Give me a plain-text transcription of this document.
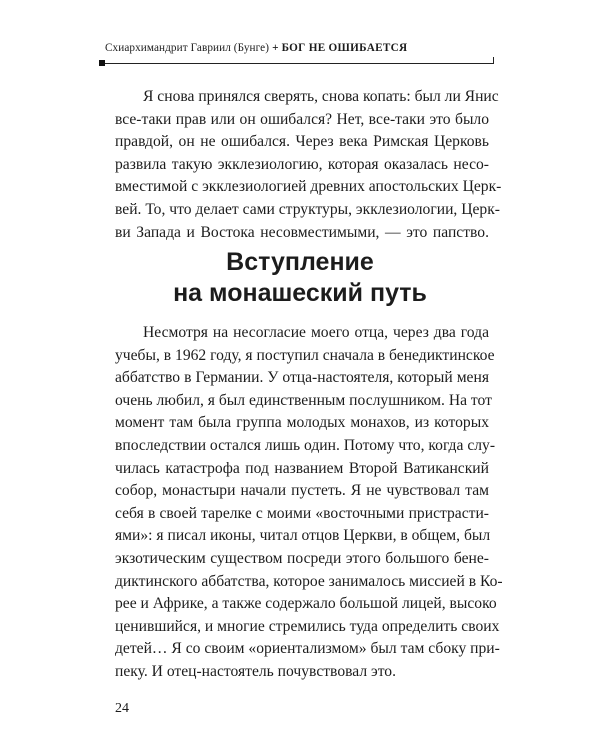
Схиархимандрит Гавриил (Бунге) + БОГ НЕ ОШИБАЕТСЯ
Я снова принялся сверять, снова копать: был ли Янис
все-таки прав или он ошибался? Нет, все-таки это было
правдой, он не ошибался. Через века Римская Церковь
развила такую экклезиологию, которая оказалась несо-
вместимой с экклезиологией древних апостольских Церк-
вей. То, что делает сами структуры, экклезиологии, Церк-
ви Запада и Востока несовместимыми, — это папство.
Вступление
на монашеский путь
Несмотря на несогласие моего отца, через два года
учебы, в 1962 году, я поступил сначала в бенедиктинское
аббатство в Германии. У отца-настоятеля, который меня
очень любил, я был единственным послушником. На тот
момент там была группа молодых монахов, из которых
впоследствии остался лишь один. Потому что, когда слу-
чилась катастрофа под названием Второй Ватиканский
собор, монастыри начали пустеть. Я не чувствовал там
себя в своей тарелке с моими «восточными пристрасти-
ями»: я писал иконы, читал отцов Церкви, в общем, был
экзотическим существом посреди этого большого бене-
диктинского аббатства, которое занималось миссией в Ко-
рее и Африке, а также содержало большой лицей, высоко
ценившийся, и многие стремились туда определить своих
детей… Я со своим «ориентализмом» был там сбоку при-
пеку. И отец-настоятель почувствовал это.
24
